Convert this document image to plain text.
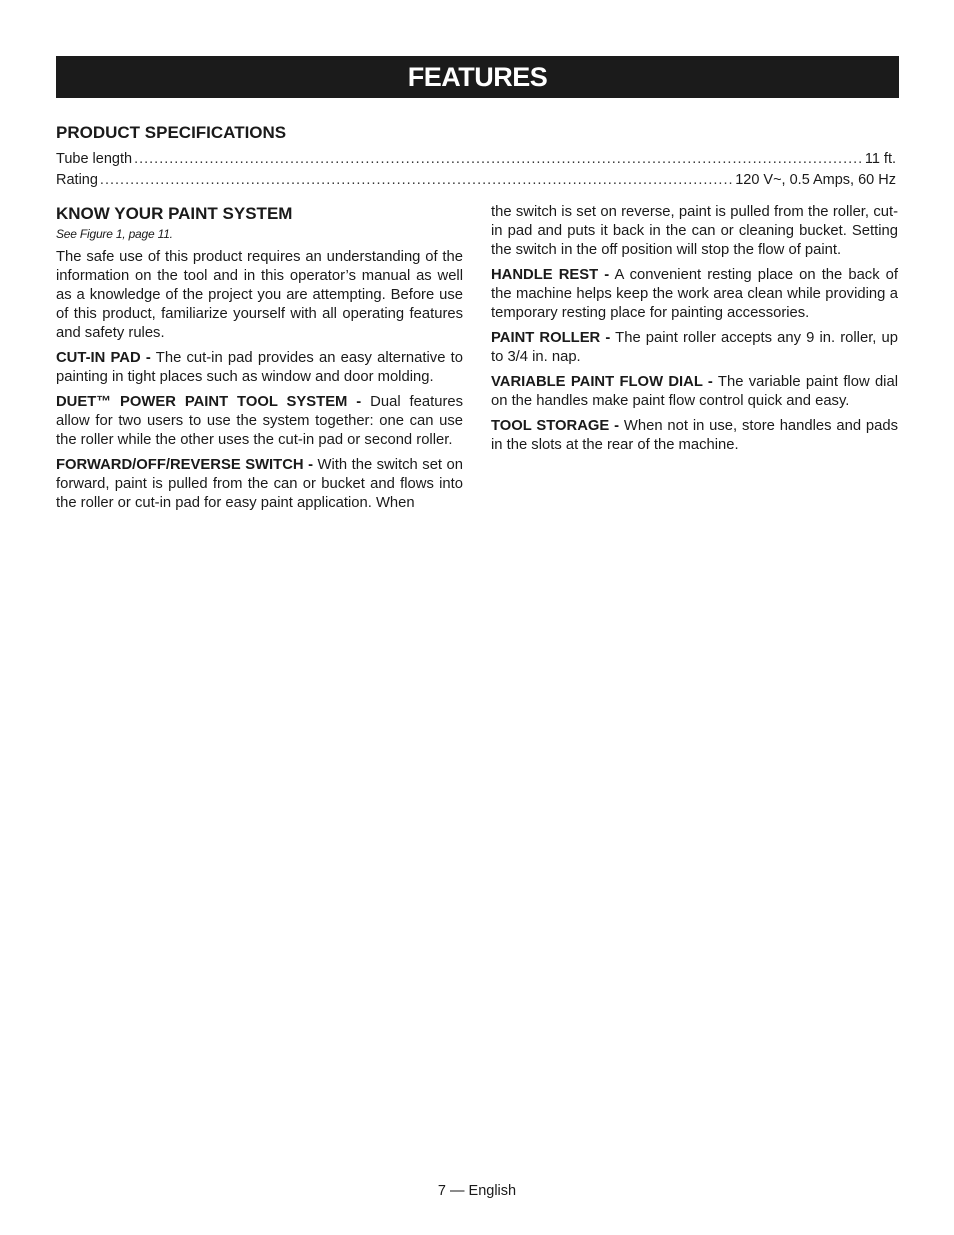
FEATURES
PRODUCT SPECIFICATIONS
Tube length .....	11 ft.
Rating .....	120 V~, 0.5 Amps, 60 Hz
KNOW YOUR PAINT SYSTEM
See Figure 1, page 11.

The safe use of this product requires an understanding of the information on the tool and in this operator’s manual as well as a knowledge of the project you are attempting. Before use of this product, familiarize yourself with all operating features and safety rules.

CUT-IN PAD - The cut-in pad provides an easy alternative to painting in tight places such as window and door molding.

DUET™ POWER PAINT TOOL SYSTEM - Dual features allow for two users to use the system together: one can use the roller while the other uses the cut-in pad or second roller.

FORWARD/OFF/REVERSE SWITCH - With the switch set on forward, paint is pulled from the can or bucket and flows into the roller or cut-in pad for easy paint application. When

the switch is set on reverse, paint is pulled from the roller, cut-in pad and puts it back in the can or cleaning bucket. Setting the switch in the off position will stop the flow of paint.

HANDLE REST - A convenient resting place on the back of the machine helps keep the work area clean while providing a temporary resting place for painting accessories.

PAINT ROLLER - The paint roller accepts any 9 in. roller, up to 3/4 in. nap.

VARIABLE PAINT FLOW DIAL - The variable paint flow dial on the handles make paint flow control quick and easy.

TOOL STORAGE - When not in use, store handles and pads in the slots at the rear of the machine.

7 — English
